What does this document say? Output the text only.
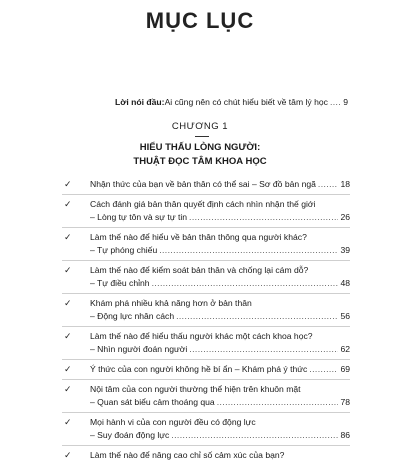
MỤC LỤC
Lời nói đầu: Ai cũng nên có chút hiểu biết về tâm lý học ..... 9
CHƯƠNG 1
HIỂU THẤU LÒNG NGƯỜI:
THUẬT ĐỌC TÂM KHOA HỌC
✓	Nhận thức của bạn về bản thân có thể sai – Sơ đồ bản ngã .....	18
✓	Cách đánh giá bản thân quyết định cách nhìn nhận thế giới
– Lòng tự tôn và sự tự tin .....	26
✓	Làm thế nào để hiểu về bản thân thông qua người khác?
– Tự phóng chiếu .....	39
✓	Làm thế nào để kiểm soát bản thân và chống lại cám dỗ?
– Tự điều chỉnh .....	48
✓	Khám phá nhiều khả năng hơn ở bản thân
– Động lực nhân cách .....	56
✓	Làm thế nào để hiểu thấu người khác một cách khoa học?
– Nhìn người đoán người .....	62
✓	Ý thức của con người không hề bí ẩn – Khám phá ý thức .....	69
✓	Nội tâm của con người thường thể hiện trên khuôn mặt
– Quan sát biểu cảm thoáng qua .....	78
✓	Mọi hành vi của con người đều có động lực
– Suy đoán động lực .....	86
✓	Làm thế nào để nâng cao chỉ số cảm xúc của bạn?
